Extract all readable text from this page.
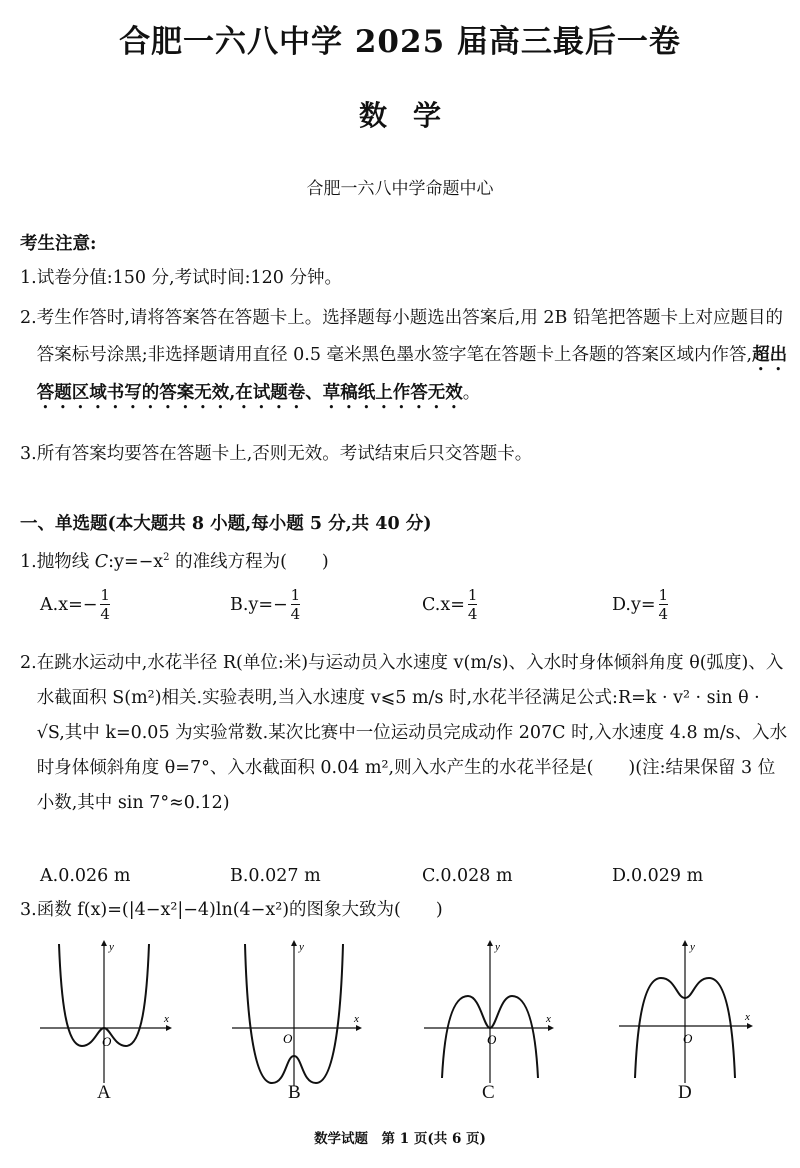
合肥一六八中学 2025 届高三最后一卷
数学
合肥一六八中学命题中心
考生注意:
1.试卷分值:150 分,考试时间:120 分钟。
2. 考生作答时,请将答案答在答题卡上。选择题每小题选出答案后,用 2B 铅笔把答题卡上对应题目的答案标号涂黑;非选择题请用直径 0.5 毫米黑色墨水签字笔在答题卡上各题的答案区域内作答,超出答题区域书写的答案无效,在试题卷、草稿纸上作答无效。
3.所有答案均要答在答题卡上,否则无效。考试结束后只交答题卡。
一、单选题(本大题共 8 小题,每小题 5 分,共 40 分)
1.抛物线 $C:y=-x^2$ 的准线方程为(　　)
A. $x=- \frac{1}{4}$	B. $y=- \frac{1}{4}$	C. $x= \frac{1}{4}$	D. $y= \frac{1}{4}$
2. 在跳水运动中,水花半径 R(单位:米)与运动员入水速度 v(m/s)、入水时身体倾斜角度 θ(弧度)、入水截面积 S(m²)相关.实验表明,当入水速度 v⩽5 m/s 时,水花半径满足公式:R=k · v² · sin θ · √S,其中 k=0.05 为实验常数.某次比赛中一位运动员完成动作 207C 时,入水速度 4.8 m/s、入水时身体倾斜角度 θ=7°、入水截面积 0.04 m²,则入水产生的水花半径是(　　)(注:结果保留 3 位小数,其中 sin 7°≈0.12)
A.0.026 m	B.0.027 m	C.0.028 m	D.0.029 m
3.函数 f(x)=(|4−x²|−4)ln(4−x²)的图象大致为(　　)
x
y
O
A
x
y
O
B
x
y
O
C
x
y
O
D
数学试题　第 1 页(共 6 页)
